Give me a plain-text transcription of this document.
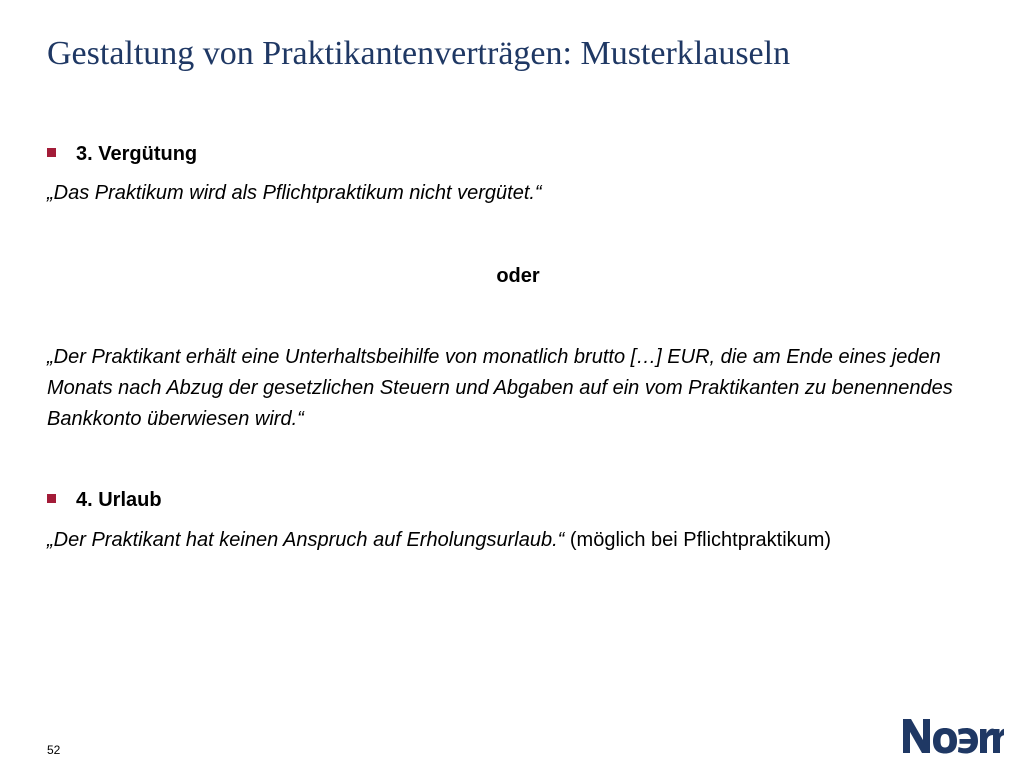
Gestaltung von Praktikantenverträgen: Musterklauseln
3. Vergütung
„Das Praktikum wird als Pflichtpraktikum nicht vergütet.“
oder
„Der Praktikant erhält eine Unterhaltsbeihilfe von monatlich brutto […] EUR, die am Ende eines jeden Monats nach Abzug der gesetzlichen Steuern und Abgaben auf ein vom Praktikanten zu benennendes Bankkonto überwiesen wird.“
4. Urlaub
„Der Praktikant hat keinen Anspruch auf Erholungsurlaub.“ (möglich bei Pflichtpraktikum)
52
